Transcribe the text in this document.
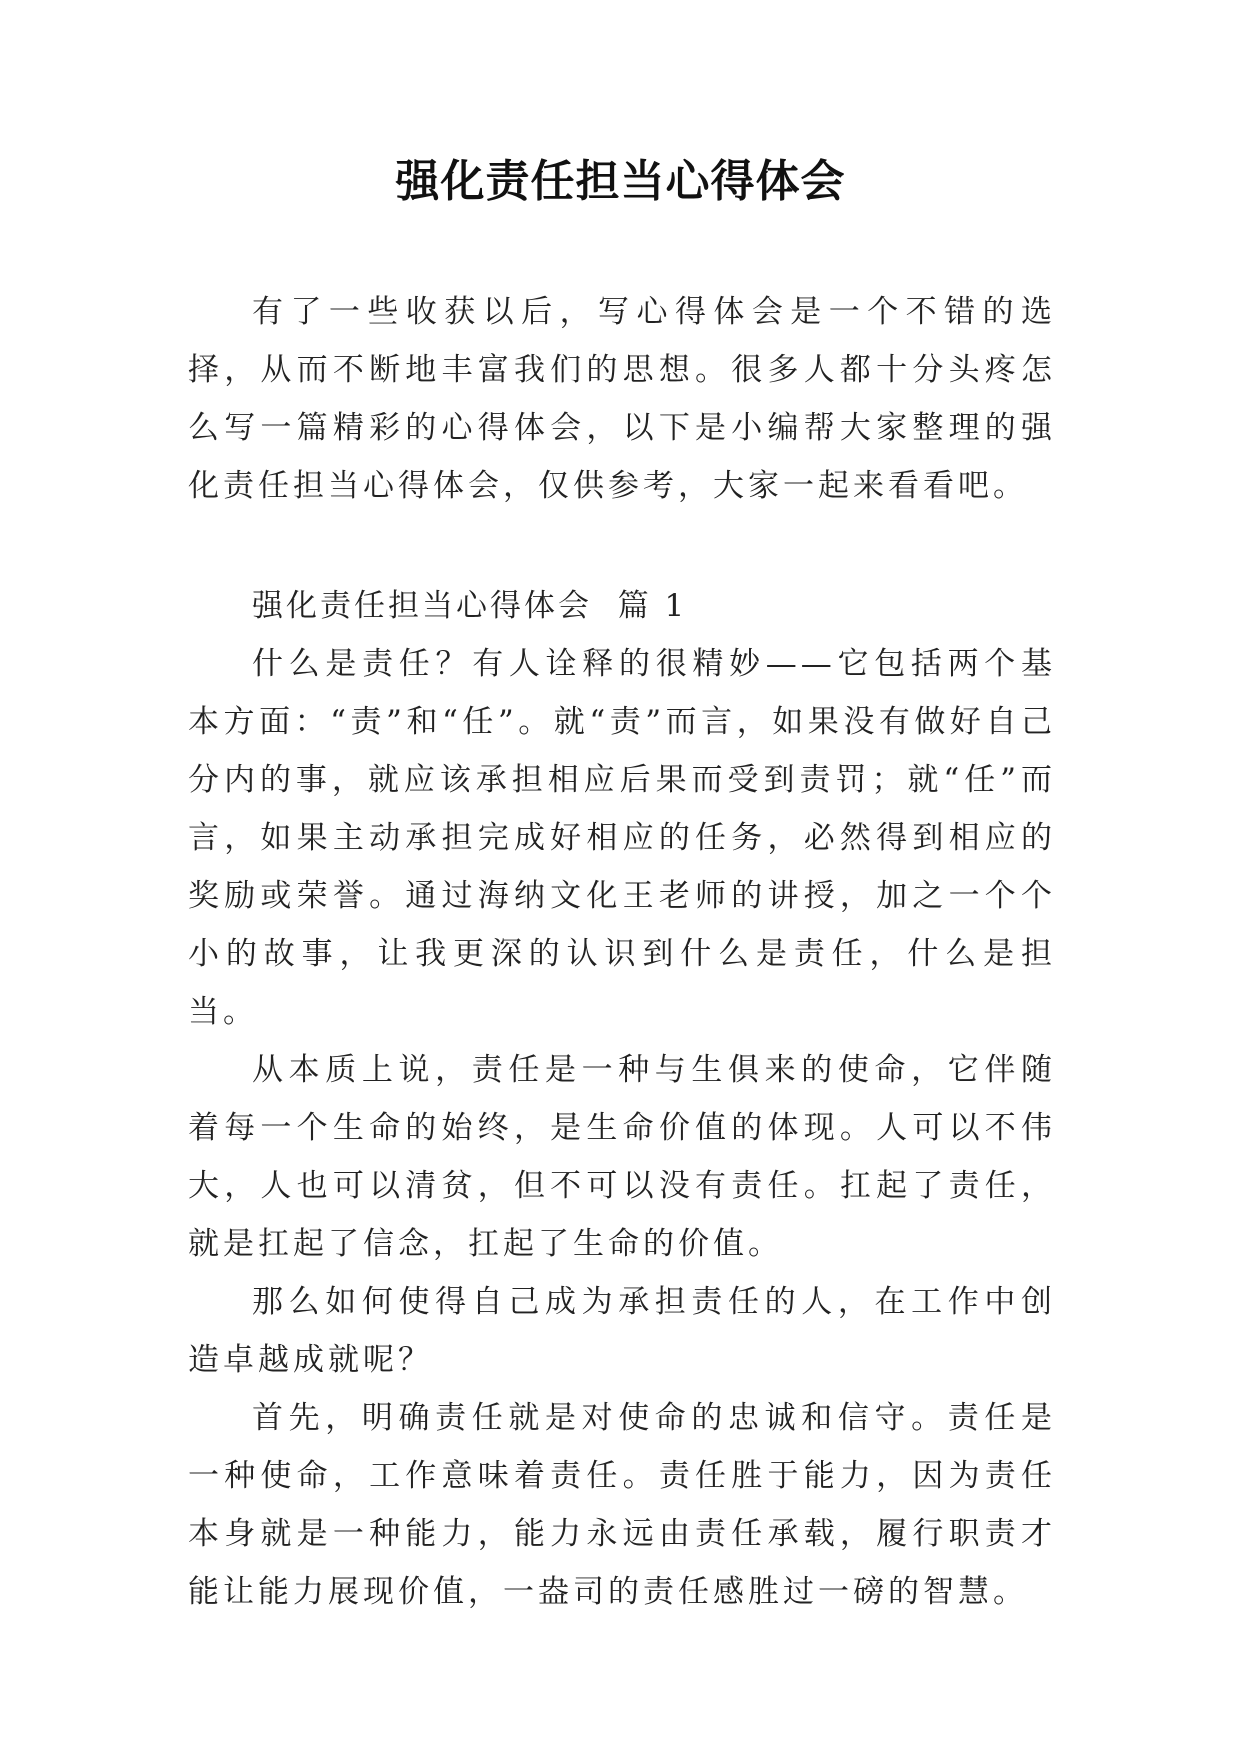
强化责任担当心得体会

有了一些收获以后，写心得体会是一个不错的选择，从而不断地丰富我们的思想。很多人都十分头疼怎么写一篇精彩的心得体会，以下是小编帮大家整理的强化责任担当心得体会，仅供参考，大家一起来看看吧。

强化责任担当心得体会  篇 1

什么是责任？有人诠释的很精妙——它包括两个基本方面：“责”和“任”。就“责”而言，如果没有做好自己分内的事，就应该承担相应后果而受到责罚；就“任”而言，如果主动承担完成好相应的任务，必然得到相应的奖励或荣誉。通过海纳文化王老师的讲授，加之一个个小的故事，让我更深的认识到什么是责任，什么是担当。

从本质上说，责任是一种与生俱来的使命，它伴随着每一个生命的始终，是生命价值的体现。人可以不伟大，人也可以清贫，但不可以没有责任。扛起了责任，就是扛起了信念，扛起了生命的价值。

那么如何使得自己成为承担责任的人，在工作中创造卓越成就呢？

首先，明确责任就是对使命的忠诚和信守。责任是一种使命，工作意味着责任。责任胜于能力，因为责任本身就是一种能力，能力永远由责任承载，履行职责才能让能力展现价值，一盎司的责任感胜过一磅的智慧。
